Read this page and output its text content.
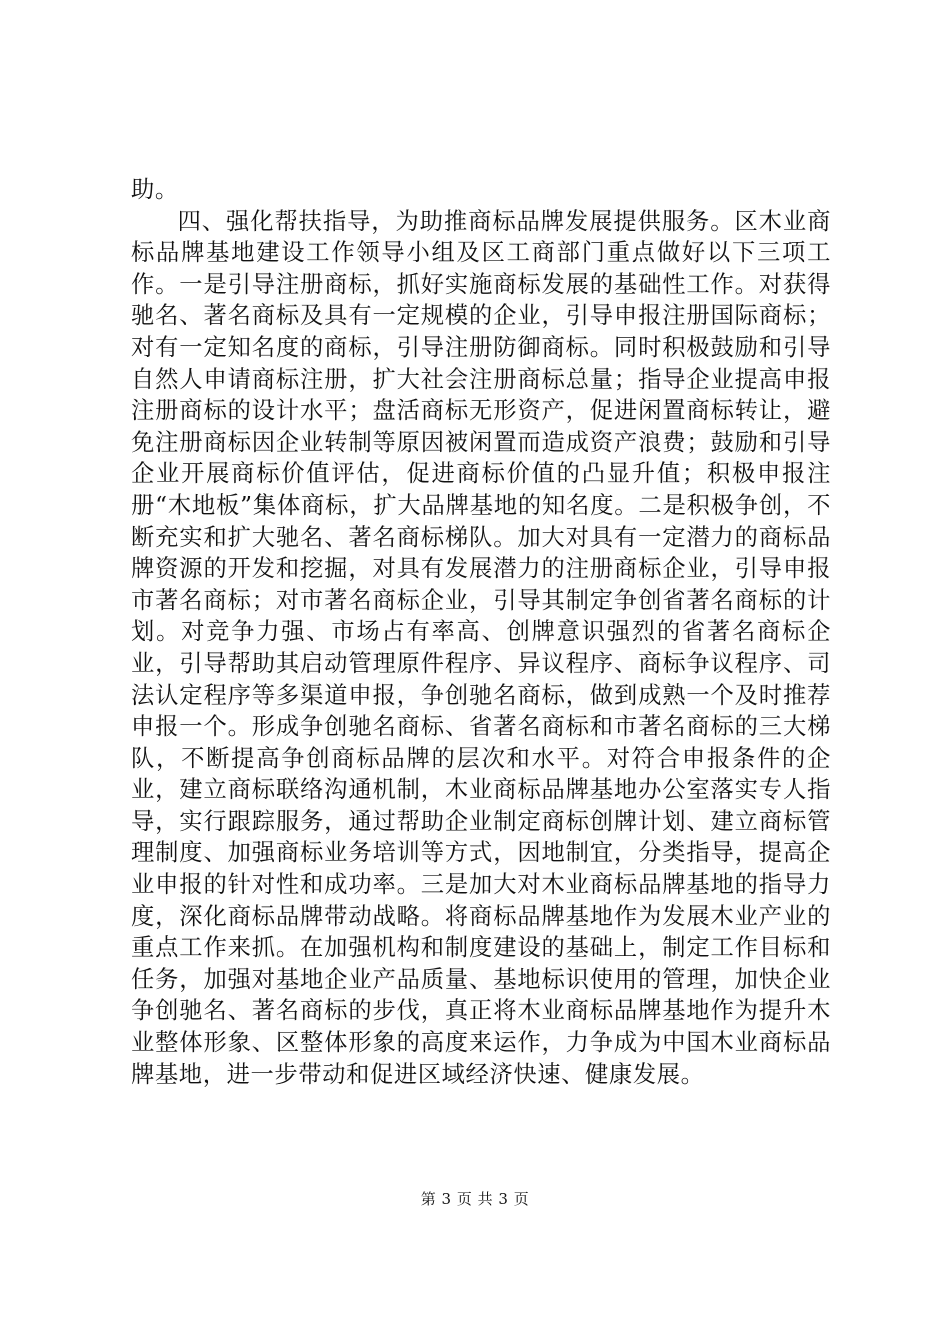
助。

四、强化帮扶指导，为助推商标品牌发展提供服务。区木业商标品牌基地建设工作领导小组及区工商部门重点做好以下三项工作。一是引导注册商标，抓好实施商标发展的基础性工作。对获得驰名、著名商标及具有一定规模的企业，引导申报注册国际商标；对有一定知名度的商标，引导注册防御商标。同时积极鼓励和引导自然人申请商标注册，扩大社会注册商标总量；指导企业提高申报注册商标的设计水平；盘活商标无形资产，促进闲置商标转让，避免注册商标因企业转制等原因被闲置而造成资产浪费；鼓励和引导企业开展商标价值评估，促进商标价值的凸显升值；积极申报注册“木地板”集体商标，扩大品牌基地的知名度。二是积极争创，不断充实和扩大驰名、著名商标梯队。加大对具有一定潜力的商标品牌资源的开发和挖掘，对具有发展潜力的注册商标企业，引导申报市著名商标；对市著名商标企业，引导其制定争创省著名商标的计划。对竞争力强、市场占有率高、创牌意识强烈的省著名商标企业，引导帮助其启动管理原件程序、异议程序、商标争议程序、司法认定程序等多渠道申报，争创驰名商标，做到成熟一个及时推荐申报一个。形成争创驰名商标、省著名商标和市著名商标的三大梯队，不断提高争创商标品牌的层次和水平。对符合申报条件的企业，建立商标联络沟通机制，木业商标品牌基地办公室落实专人指导，实行跟踪服务，通过帮助企业制定商标创牌计划、建立商标管理制度、加强商标业务培训等方式，因地制宜，分类指导，提高企业申报的针对性和成功率。三是加大对木业商标品牌基地的指导力度，深化商标品牌带动战略。将商标品牌基地作为发展木业产业的重点工作来抓。在加强机构和制度建设的基础上，制定工作目标和任务，加强对基地企业产品质量、基地标识使用的管理，加快企业争创驰名、著名商标的步伐，真正将木业商标品牌基地作为提升木业整体形象、区整体形象的高度来运作，力争成为中国木业商标品牌基地，进一步带动和促进区域经济快速、健康发展。

第 3 页 共 3 页
